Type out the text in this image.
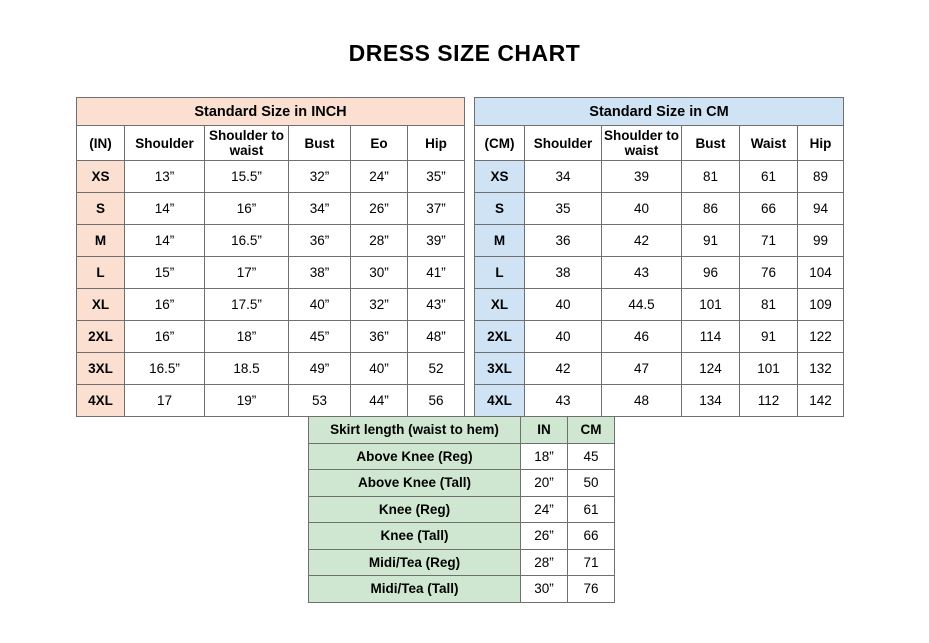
DRESS SIZE CHART
Standard Size in INCH					
(IN)	Shoulder	Shoulder to waist	Bust	Eo	Hip
XS	13”	15.5”	32”	24”	35”
S	14”	16”	34”	26”	37”
M	14”	16.5”	36”	28”	39”
L	15”	17”	38”	30”	41”
XL	16”	17.5”	40”	32”	43”
2XL	16”	18”	45”	36”	48”
3XL	16.5”	18.5	49”	40”	52
4XL	17	19”	53	44”	56
Standard Size in CM					
(CM)	Shoulder	Shoulder to waist	Bust	Waist	Hip
XS	34	39	81	61	89
S	35	40	86	66	94
M	36	42	91	71	99
L	38	43	96	76	104
XL	40	44.5	101	81	109
2XL	40	46	114	91	122
3XL	42	47	124	101	132
4XL	43	48	134	112	142
Skirt length (waist to hem)	IN	CM
Above Knee (Reg)	18”	45
Above Knee (Tall)	20”	50
Knee (Reg)	24”	61
Knee (Tall)	26”	66
Midi/Tea (Reg)	28”	71
Midi/Tea (Tall)	30”	76
